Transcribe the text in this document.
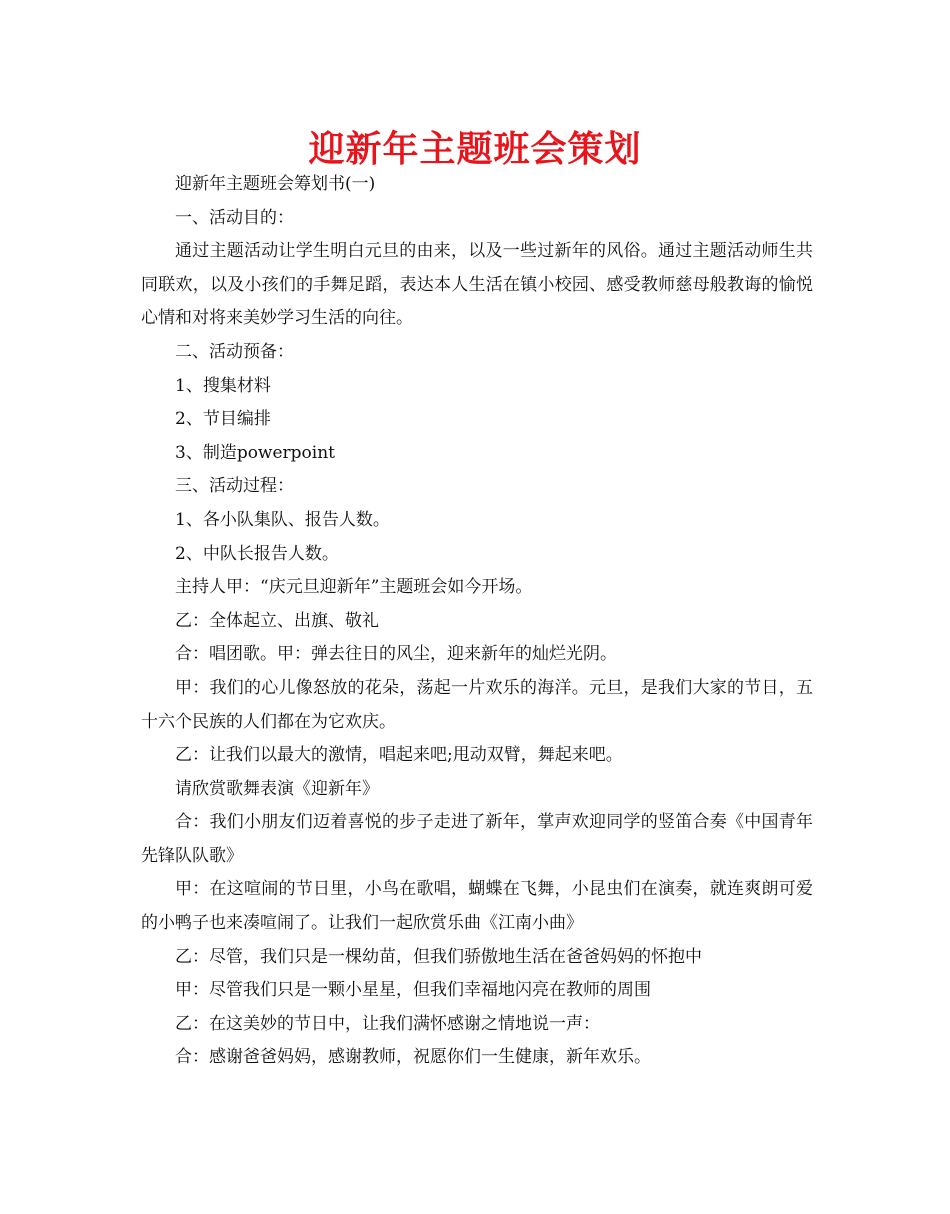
迎新年主题班会策划

迎新年主题班会筹划书(一)

一、活动目的：

通过主题活动让学生明白元旦的由来，以及一些过新年的风俗。通过主题活动师生共同联欢，以及小孩们的手舞足蹈，表达本人生活在镇小校园、感受教师慈母般教诲的愉悦心情和对将来美妙学习生活的向往。

二、活动预备：

1、搜集材料

2、节目编排

3、制造powerpoint

三、活动过程：

1、各小队集队、报告人数。

2、中队长报告人数。

主持人甲：“庆元旦迎新年”主题班会如今开场。

乙：全体起立、出旗、敬礼

合：唱团歌。甲：弹去往日的风尘，迎来新年的灿烂光阴。

甲：我们的心儿像怒放的花朵，荡起一片欢乐的海洋。元旦，是我们大家的节日，五十六个民族的人们都在为它欢庆。

乙：让我们以最大的激情，唱起来吧;甩动双臂，舞起来吧。

请欣赏歌舞表演《迎新年》

合：我们小朋友们迈着喜悦的步子走进了新年，掌声欢迎同学的竖笛合奏《中国青年先锋队队歌》

甲：在这喧闹的节日里，小鸟在歌唱，蝴蝶在飞舞，小昆虫们在演奏，就连爽朗可爱的小鸭子也来凑喧闹了。让我们一起欣赏乐曲《江南小曲》

乙：尽管，我们只是一棵幼苗，但我们骄傲地生活在爸爸妈妈的怀抱中

甲：尽管我们只是一颗小星星，但我们幸福地闪亮在教师的周围

乙：在这美妙的节日中，让我们满怀感谢之情地说一声：

合：感谢爸爸妈妈，感谢教师，祝愿你们一生健康，新年欢乐。
